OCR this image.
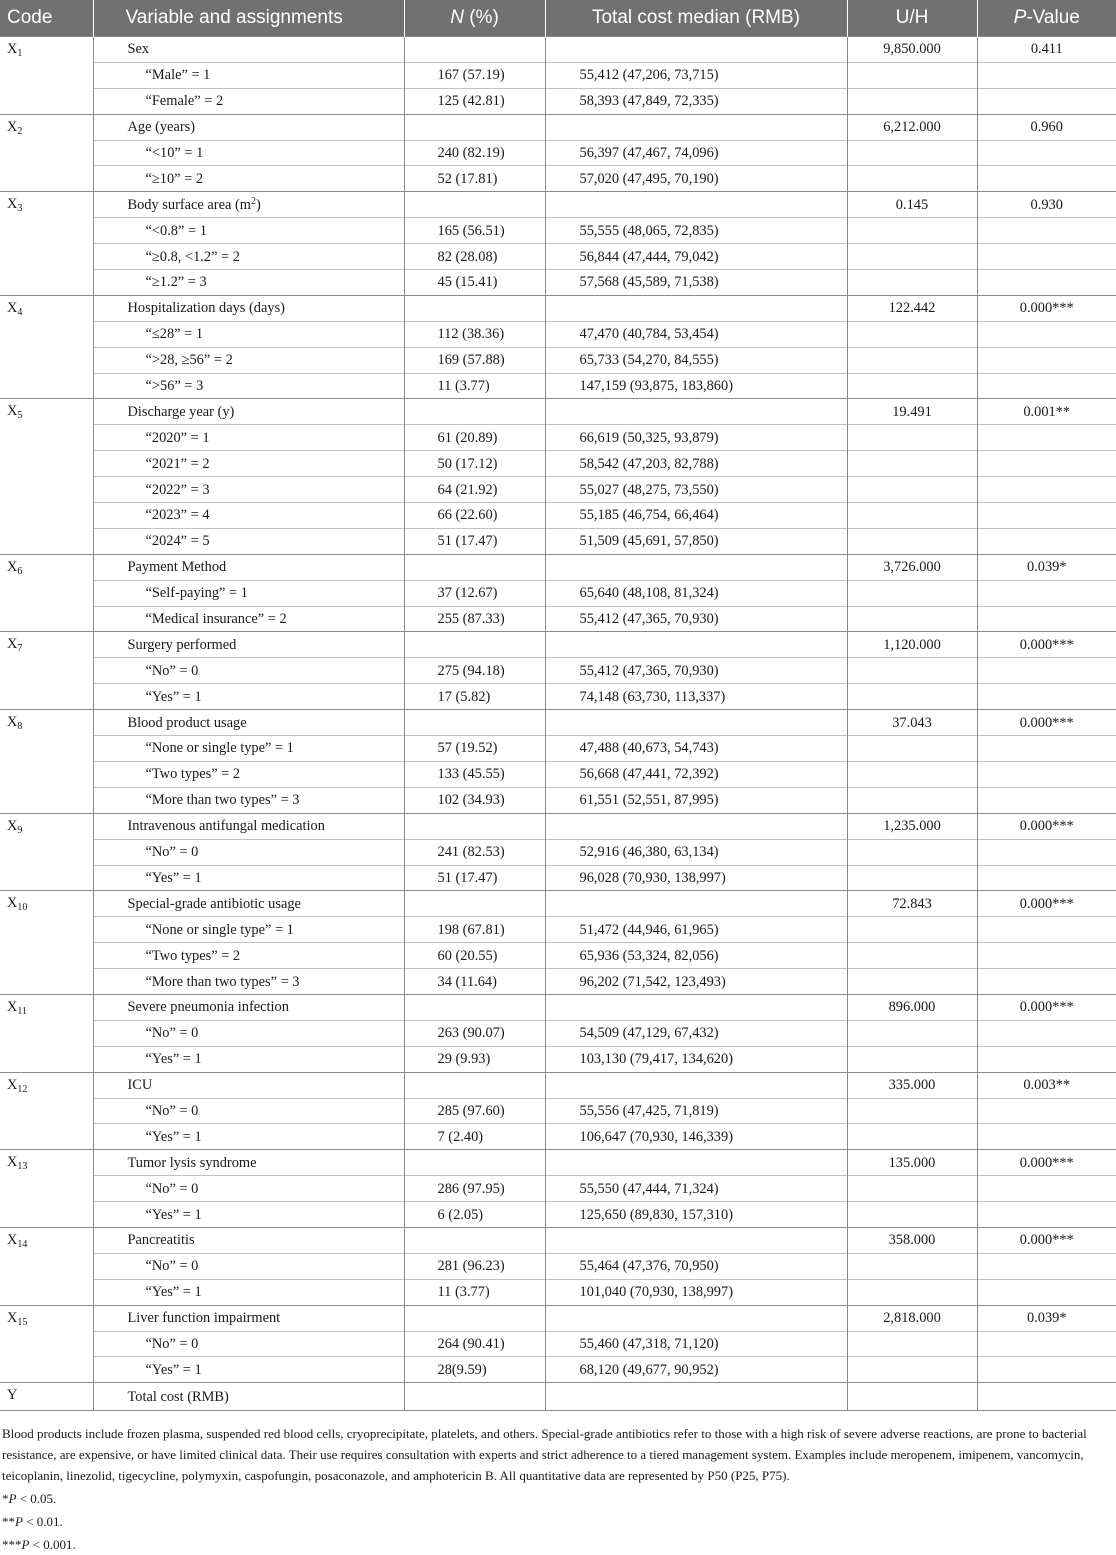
Code	Variable and assignments	N (%)	Total cost median (RMB)	U/H	P-Value
$X_1$	Sex			9,850.000	0.411
	“Male” = 1	167 (57.19)	55,412 (47,206, 73,715)		
	“Female” = 2	125 (42.81)	58,393 (47,849, 72,335)		
$X_2$	Age (years)			6,212.000	0.960
	“<10” = 1	240 (82.19)	56,397 (47,467, 74,096)		
	“≥10” = 2	52 (17.81)	57,020 (47,495, 70,190)		
$X_3$	Body surface area $(m^2)$			0.145	0.930
	“<0.8” = 1	165 (56.51)	55,555 (48,065, 72,835)		
	“≥0.8, <1.2” = 2	82 (28.08)	56,844 (47,444, 79,042)		
	“≥1.2” = 3	45 (15.41)	57,568 (45,589, 71,538)		
$X_4$	Hospitalization days (days)			122.442	0.000***
	“≤28” = 1	112 (38.36)	47,470 (40,784, 53,454)		
	“>28, ≥56” = 2	169 (57.88)	65,733 (54,270, 84,555)		
	“>56” = 3	11 (3.77)	147,159 (93,875, 183,860)		
$X_5$	Discharge year (y)			19.491	0.001**
	“2020” = 1	61 (20.89)	66,619 (50,325, 93,879)		
	“2021” = 2	50 (17.12)	58,542 (47,203, 82,788)		
	“2022” = 3	64 (21.92)	55,027 (48,275, 73,550)		
	“2023” = 4	66 (22.60)	55,185 (46,754, 66,464)		
	“2024” = 5	51 (17.47)	51,509 (45,691, 57,850)		
$X_6$	Payment Method			3,726.000	0.039*
	“Self-paying” = 1	37 (12.67)	65,640 (48,108, 81,324)		
	“Medical insurance” = 2	255 (87.33)	55,412 (47,365, 70,930)		
$X_7$	Surgery performed			1,120.000	0.000***
	“No” = 0	275 (94.18)	55,412 (47,365, 70,930)		
	“Yes” = 1	17 (5.82)	74,148 (63,730, 113,337)		
$X_8$	Blood product usage			37.043	0.000***
	“None or single type” = 1	57 (19.52)	47,488 (40,673, 54,743)		
	“Two types” = 2	133 (45.55)	56,668 (47,441, 72,392)		
	“More than two types” = 3	102 (34.93)	61,551 (52,551, 87,995)		
$X_9$	Intravenous antifungal medication			1,235.000	0.000***
	“No” = 0	241 (82.53)	52,916 (46,380, 63,134)		
	“Yes” = 1	51 (17.47)	96,028 (70,930, 138,997)		
$X_{10}$	Special-grade antibiotic usage			72.843	0.000***
	“None or single type” = 1	198 (67.81)	51,472 (44,946, 61,965)		
	“Two types” = 2	60 (20.55)	65,936 (53,324, 82,056)		
	“More than two types” = 3	34 (11.64)	96,202 (71,542, 123,493)		
$X_{11}$	Severe pneumonia infection			896.000	0.000***
	“No” = 0	263 (90.07)	54,509 (47,129, 67,432)		
	“Yes” = 1	29 (9.93)	103,130 (79,417, 134,620)		
$X_{12}$	ICU			335.000	0.003**
	“No” = 0	285 (97.60)	55,556 (47,425, 71,819)		
	“Yes” = 1	7 (2.40)	106,647 (70,930, 146,339)		
$X_{13}$	Tumor lysis syndrome			135.000	0.000***
	“No” = 0	286 (97.95)	55,550 (47,444, 71,324)		
	“Yes” = 1	6 (2.05)	125,650 (89,830, 157,310)		
$X_{14}$	Pancreatitis			358.000	0.000***
	“No” = 0	281 (96.23)	55,464 (47,376, 70,950)		
	“Yes” = 1	11 (3.77)	101,040 (70,930, 138,997)		
$X_{15}$	Liver function impairment			2,818.000	0.039*
	“No” = 0	264 (90.41)	55,460 (47,318, 71,120)		
	“Yes” = 1	28(9.59)	68,120 (49,677, 90,952)		
Y	Total cost (RMB)				

Blood products include frozen plasma, suspended red blood cells, cryoprecipitate, platelets, and others. Special-grade antibiotics refer to those with a high risk of severe adverse reactions, are prone to bacterial resistance, are expensive, or have limited clinical data. Their use requires consultation with experts and strict adherence to a tiered management system. Examples include meropenem, imipenem, vancomycin, teicoplanin, linezolid, tigecycline, polymyxin, caspofungin, posaconazole, and amphotericin B. All quantitative data are represented by P50 (P25, P75).

*P < 0.05.

**P < 0.01.

***P < 0.001.
